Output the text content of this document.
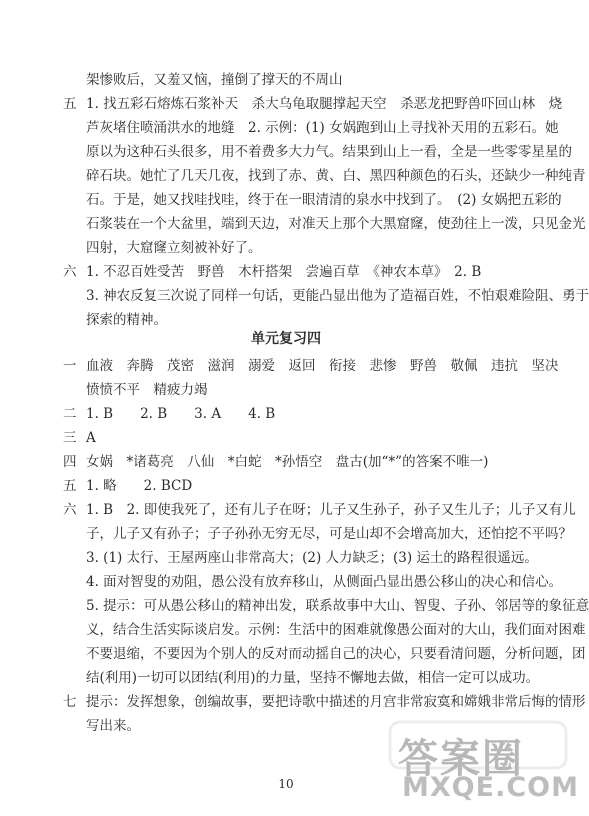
架惨败后，又羞又恼，撞倒了撑天的不周山
五 1. 找五彩石熔炼石浆补天　杀大乌龟取腿撑起天空　杀恶龙把野兽吓回山林　烧
芦灰堵住喷涌洪水的地缝　2. 示例：(1) 女娲跑到山上寻找补天用的五彩石。她
原以为这种石头很多，用不着费多大力气。结果到山上一看，全是一些零零星星的
碎石块。她忙了几天几夜，找到了赤、黄、白、黑四种颜色的石头，还缺少一种纯青
石。于是，她又找哇找哇，终于在一眼清清的泉水中找到了。　(2) 女娲把五彩的
石浆装在一个大盆里，端到天边，对准天上那个大黑窟窿，使劲往上一泼，只见金光
四射，大窟窿立刻被补好了。
六 1. 不忍百姓受苦　野兽　木杆搭架　尝遍百草　《神农本草》　2. B
3. 神农反复三次说了同样一句话，更能凸显出他为了造福百姓，不怕艰难险阻、勇于
探索的精神。
单元复习四
一 血液　奔腾　茂密　滋润　溺爱　返回　衔接　悲惨　野兽　敬佩　违抗　坚决
愤愤不平　精疲力竭
二 1. B　　2. B　　3. A　　4. B
三 A
四 女娲　*诸葛亮　八仙　*白蛇　*孙悟空　盘古(加“*”的答案不唯一)
五 1. 略　　2. BCD
六 1. B　2. 即使我死了，还有儿子在呀；儿子又生孙子，孙子又生儿子；儿子又有儿
子，儿子又有孙子；子子孙孙无穷无尽，可是山却不会增高加大，还怕挖不平吗？
3. (1) 太行、王屋两座山非常高大；(2) 人力缺乏；(3) 运土的路程很遥远。
4. 面对智叟的劝阻，愚公没有放弃移山，从侧面凸显出愚公移山的决心和信心。
5. 提示：可从愚公移山的精神出发，联系故事中大山、智叟、子孙、邻居等的象征意
义，结合生活实际谈启发。示例：生活中的困难就像愚公面对的大山，我们面对困难
不要退缩，不要因为个别人的反对而动摇自己的决心，只要看清问题，分析问题，团
结(利用)一切可以团结(利用)的力量，坚持不懈地去做，相信一定可以成功。
七 提示：发挥想象，创编故事，要把诗歌中描述的月宫非常寂寞和嫦娥非常后悔的情形
写出来。
10
答案圈
MXQE.COM
